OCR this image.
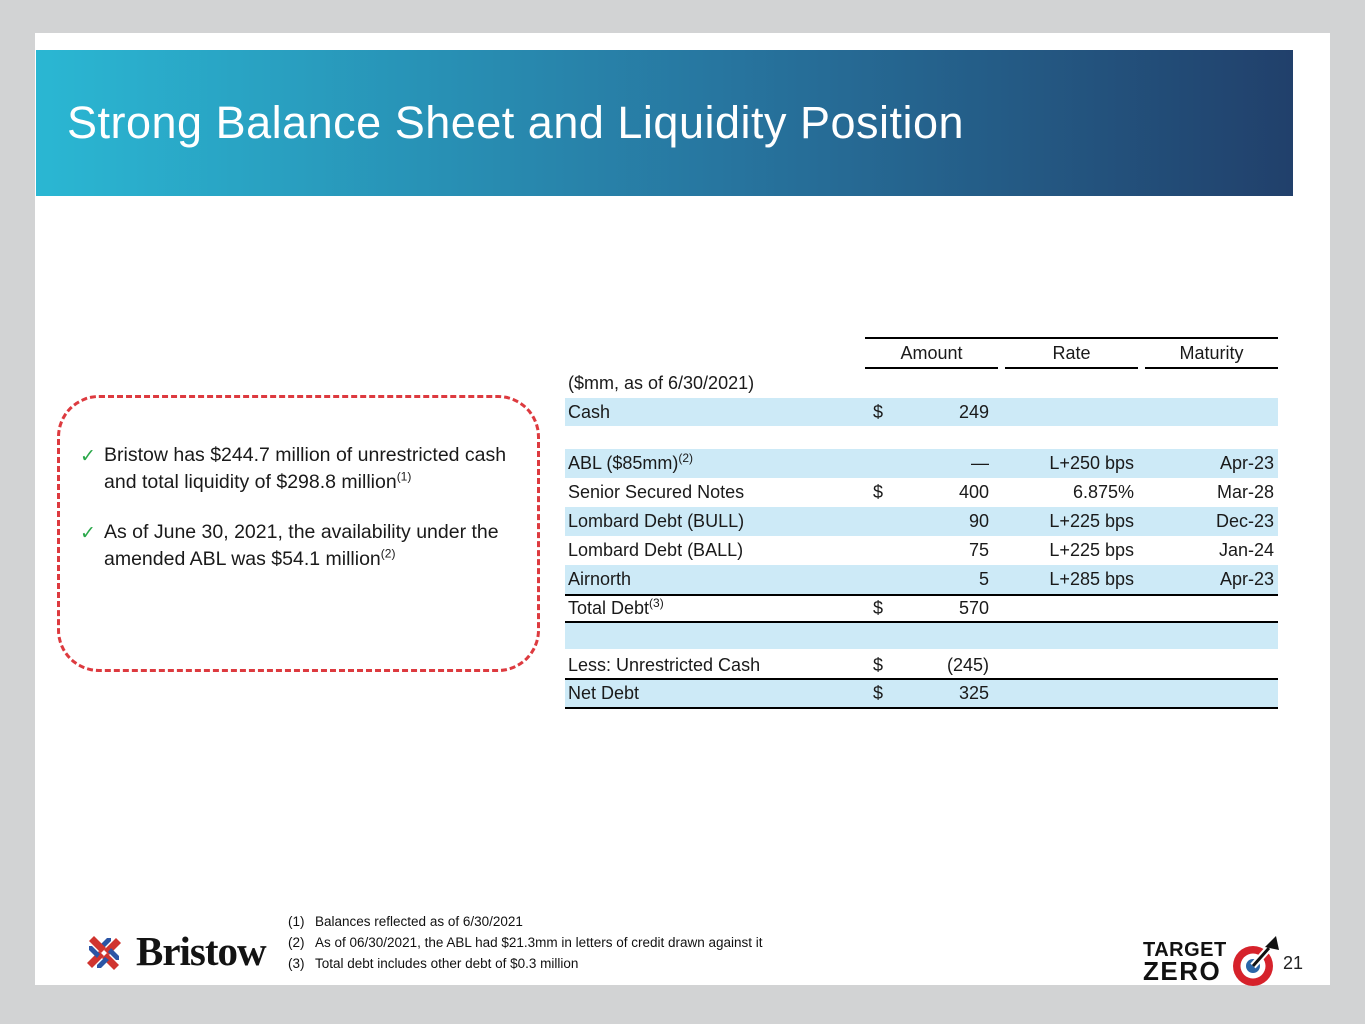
Strong Balance Sheet and Liquidity Position
✓ Bristow has $244.7 million of unrestricted cash and total liquidity of $298.8 million$^{(1)}$
✓ As of June 30, 2021, the availability under the amended ABL was $54.1 million$^{(2)}$
Amount	Rate	Maturity
($mm, as of 6/30/2021)
Cash	$	249
ABL ($85mm)$^{(2)}$	—	L+250 bps	Apr-23
Senior Secured Notes	$	400	6.875%	Mar-28
Lombard Debt (BULL)	90	L+225 bps	Dec-23
Lombard Debt (BALL)	75	L+225 bps	Jan-24
Airnorth	5	L+285 bps	Apr-23
Total Debt$^{(3)}$	$	570
Less: Unrestricted Cash	$	(245)
Net Debt	$	325
(1) Balances reflected as of 6/30/2021
(2) As of 06/30/2021, the ABL had $21.3mm in letters of credit drawn against it
(3) Total debt includes other debt of $0.3 million
Bristow	TARGET
ZERO	21
